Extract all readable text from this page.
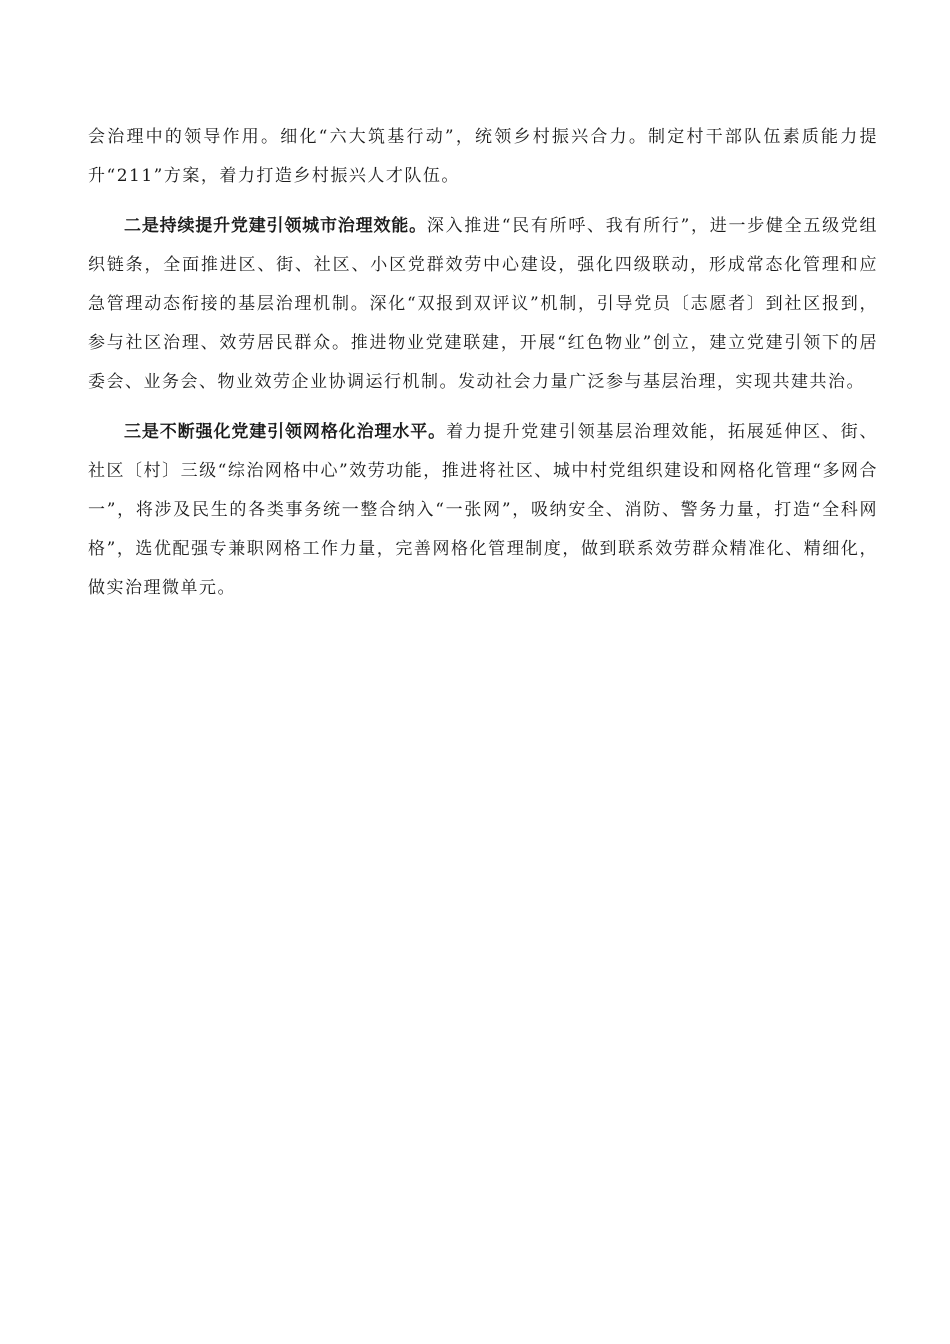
会治理中的领导作用。细化“六大筑基行动”，统领乡村振兴合力。制定村干部队伍素质能力提升“211”方案，着力打造乡村振兴人才队伍。

二是持续提升党建引领城市治理效能。深入推进“民有所呼、我有所行”，进一步健全五级党组织链条，全面推进区、街、社区、小区党群效劳中心建设，强化四级联动，形成常态化管理和应急管理动态衔接的基层治理机制。深化“双报到双评议”机制，引导党员〔志愿者〕到社区报到，参与社区治理、效劳居民群众。推进物业党建联建，开展“红色物业”创立，建立党建引领下的居委会、业务会、物业效劳企业协调运行机制。发动社会力量广泛参与基层治理，实现共建共治。

三是不断强化党建引领网格化治理水平。着力提升党建引领基层治理效能，拓展延伸区、街、社区〔村〕三级“综治网格中心”效劳功能，推进将社区、城中村党组织建设和网格化管理“多网合一”，将涉及民生的各类事务统一整合纳入“一张网”，吸纳安全、消防、警务力量，打造“全科网格”，选优配强专兼职网格工作力量，完善网格化管理制度，做到联系效劳群众精准化、精细化，做实治理微单元。
